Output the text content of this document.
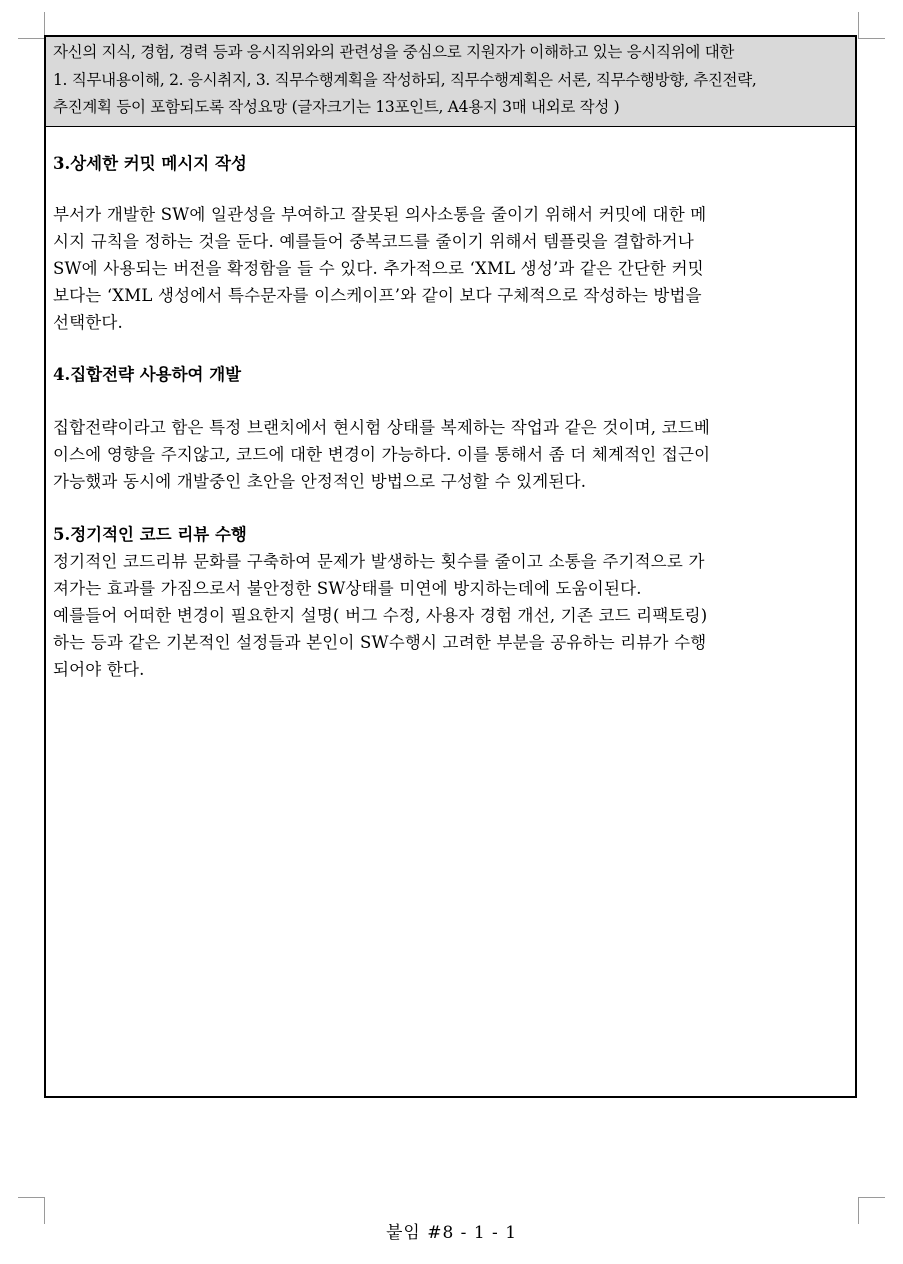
자신의 지식, 경험, 경력 등과 응시직위와의 관련성을 중심으로 지원자가 이해하고 있는 응시직위에 대한

1. 직무내용이해, 2. 응시취지, 3. 직무수행계획을 작성하되, 직무수행계획은 서론, 직무수행방향, 추진전략,

추진계획 등이 포함되도록 작성요망 (글자크기는 13포인트, A4용지 3매 내외로 작성 )

3.상세한 커밋 메시지 작성

부서가 개발한 SW에 일관성을 부여하고 잘못된 의사소통을 줄이기 위해서 커밋에 대한 메

시지 규칙을 정하는 것을 둔다. 예를들어 중복코드를 줄이기 위해서 템플릿을 결합하거나

SW에 사용되는 버전을 확정함을 들 수 있다. 추가적으로 ‘XML 생성’과 같은 간단한 커밋

보다는 ‘XML 생성에서 특수문자를 이스케이프’와 같이 보다 구체적으로 작성하는 방법을

선택한다.

4.집합전략 사용하여 개발

집합전략이라고 함은 특정 브랜치에서 현시험 상태를 복제하는 작업과 같은 것이며, 코드베

이스에 영향을 주지않고, 코드에 대한 변경이 가능하다. 이를 통해서 좀 더 체계적인 접근이

가능했과 동시에 개발중인 초안을 안정적인 방법으로 구성할 수 있게된다.

5.정기적인 코드 리뷰 수행

정기적인 코드리뷰 문화를 구축하여 문제가 발생하는 횟수를 줄이고 소통을 주기적으로 가

져가는 효과를 가짐으로서 불안정한 SW상태를 미연에 방지하는데에 도움이된다.

예를들어 어떠한 변경이 필요한지 설명( 버그 수정, 사용자 경험 개선, 기존 코드 리팩토링)

하는 등과 같은 기본적인 설정들과 본인이 SW수행시 고려한 부분을 공유하는 리뷰가 수행

되어야 한다.

붙임 #8 - 1 - 1
